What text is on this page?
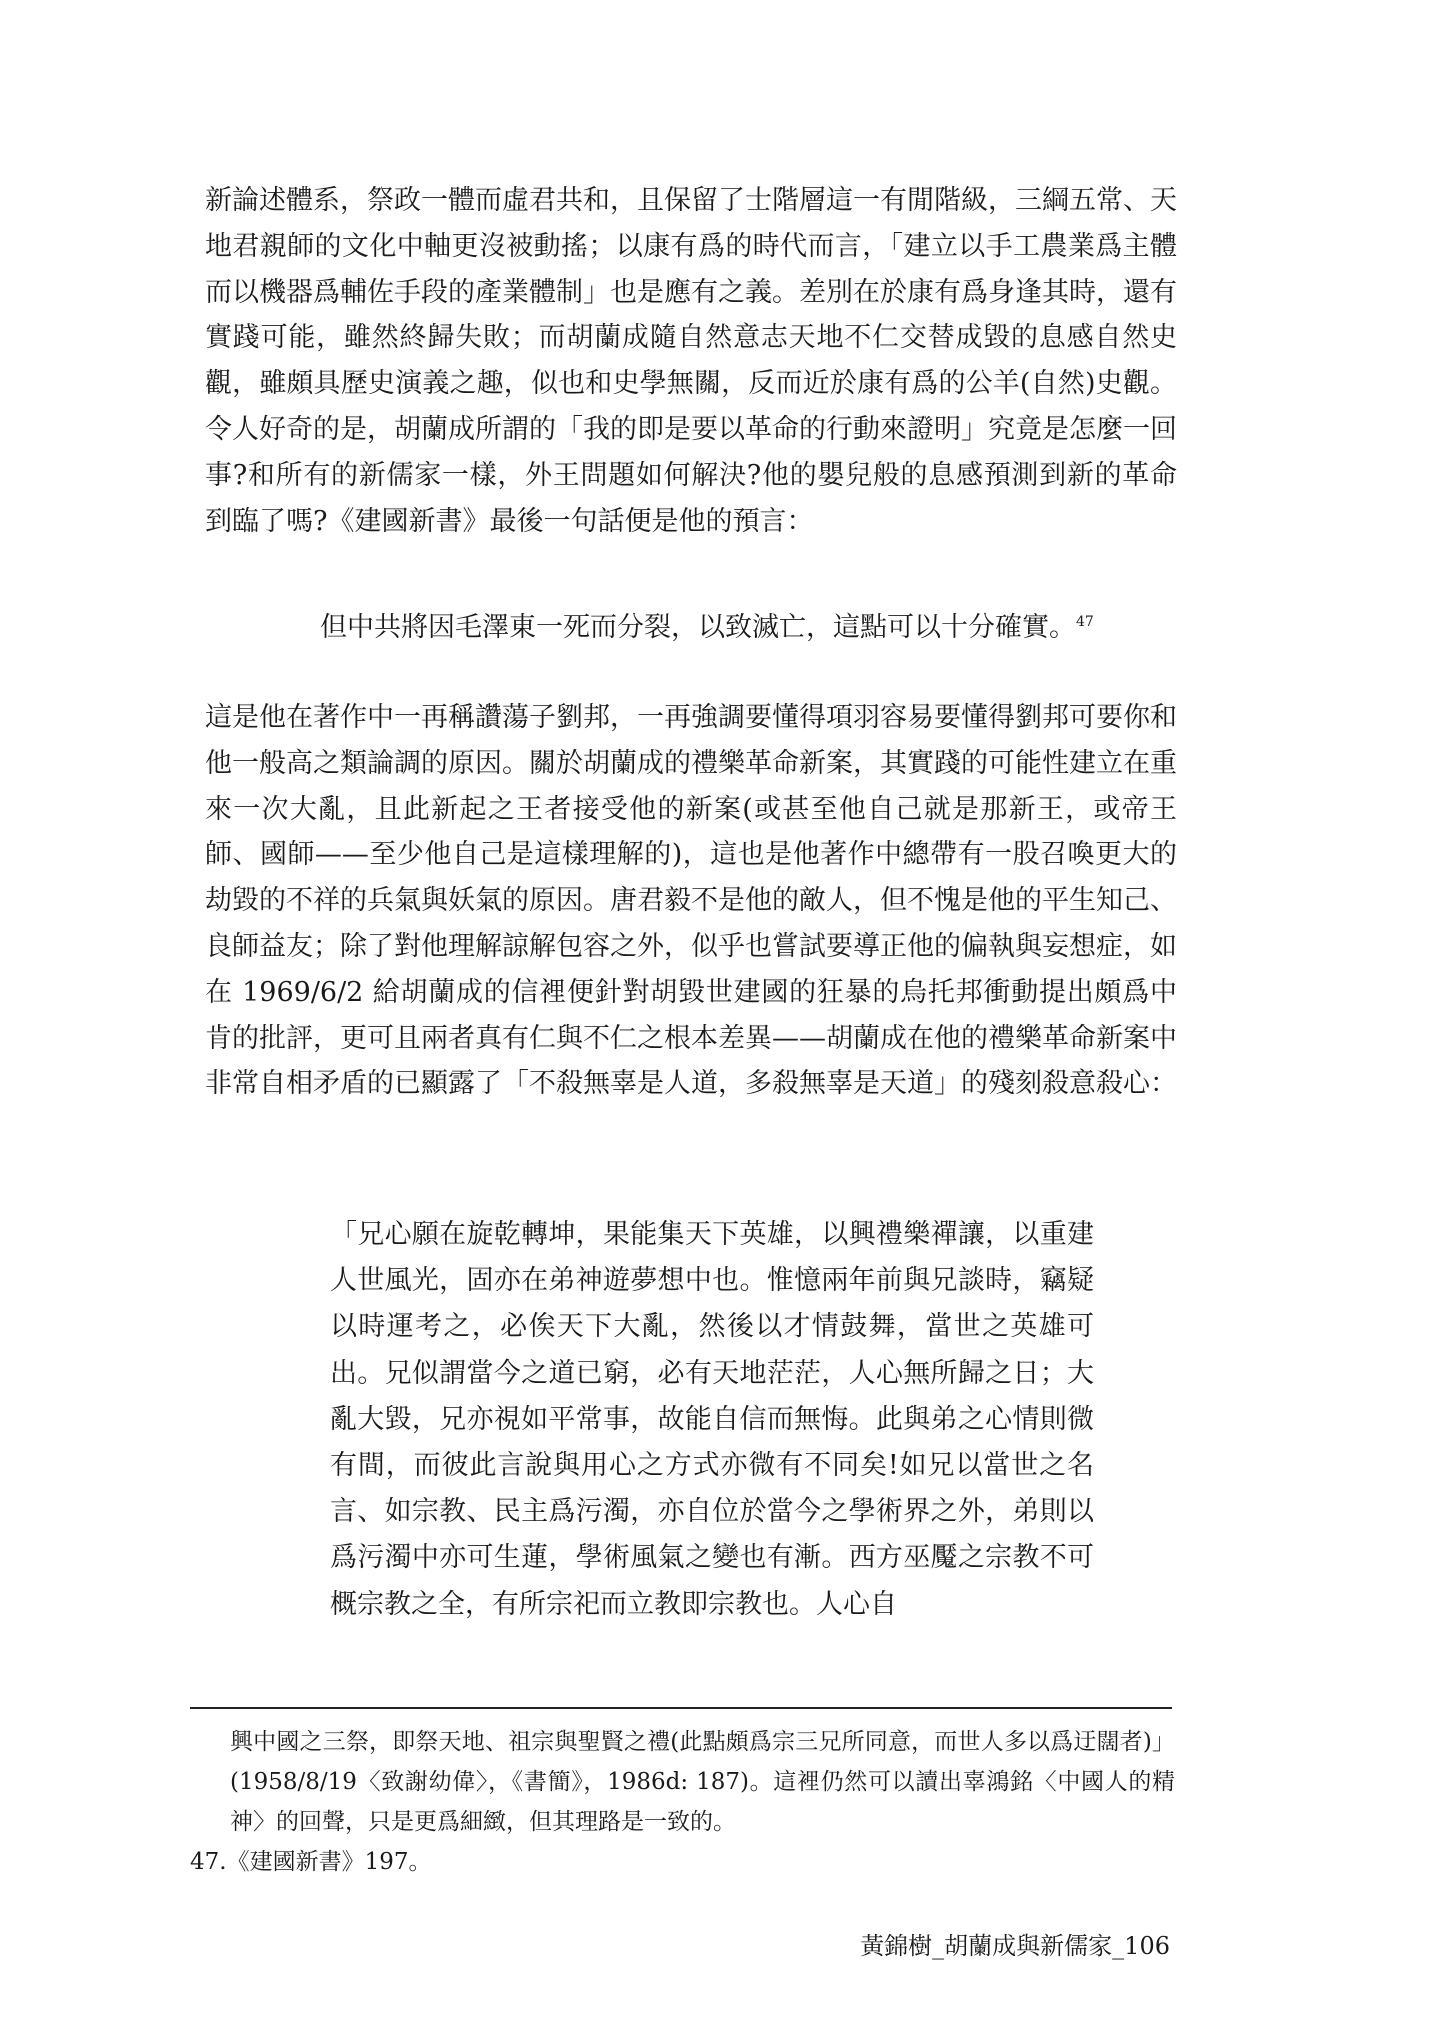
新論述體系，祭政一體而虛君共和，且保留了士階層這一有閒階級，三綱五常、天地君親師的文化中軸更沒被動搖；以康有爲的時代而言，「建立以手工農業爲主體而以機器爲輔佐手段的產業體制」也是應有之義。差別在於康有爲身逢其時，還有實踐可能，雖然終歸失敗；而胡蘭成隨自然意志天地不仁交替成毀的息感自然史觀，雖頗具歷史演義之趣，似也和史學無關，反而近於康有爲的公羊(自然)史觀。令人好奇的是，胡蘭成所謂的「我的即是要以革命的行動來證明」究竟是怎麼一回事?和所有的新儒家一樣，外王問題如何解決?他的嬰兒般的息感預測到新的革命到臨了嗎?《建國新書》最後一句話便是他的預言：

但中共將因毛澤東一死而分裂，以致滅亡，這點可以十分確實。$^{47}$

這是他在著作中一再稱讚蕩子劉邦，一再強調要懂得項羽容易要懂得劉邦可要你和他一般高之類論調的原因。關於胡蘭成的禮樂革命新案，其實踐的可能性建立在重來一次大亂，且此新起之王者接受他的新案(或甚至他自己就是那新王，或帝王師、國師——至少他自己是這樣理解的)，這也是他著作中總帶有一股召喚更大的劫毀的不祥的兵氣與妖氣的原因。唐君毅不是他的敵人，但不愧是他的平生知己、良師益友；除了對他理解諒解包容之外，似乎也嘗試要導正他的偏執與妄想症，如在 1969/6/2 給胡蘭成的信裡便針對胡毀世建國的狂暴的烏托邦衝動提出頗爲中肯的批評，更可且兩者真有仁與不仁之根本差異——胡蘭成在他的禮樂革命新案中非常自相矛盾的已顯露了「不殺無辜是人道，多殺無辜是天道」的殘刻殺意殺心：

「兄心願在旋乾轉坤，果能集天下英雄，以興禮樂禪讓，以重建人世風光，固亦在弟神遊夢想中也。惟憶兩年前與兄談時，竊疑以時運考之，必俟天下大亂，然後以才情鼓舞，當世之英雄可出。兄似謂當今之道已窮，必有天地茫茫，人心無所歸之日；大亂大毀，兄亦視如平常事，故能自信而無悔。此與弟之心情則微有間，而彼此言說與用心之方式亦微有不同矣!如兄以當世之名言、如宗教、民主爲污濁，亦自位於當今之學術界之外，弟則以爲污濁中亦可生蓮，學術風氣之變也有漸。西方巫魘之宗教不可概宗教之全，有所宗祀而立教即宗教也。人心自

興中國之三祭，即祭天地、祖宗與聖賢之禮(此點頗爲宗三兄所同意，而世人多以爲迂闊者)」(1958/8/19〈致謝幼偉〉，《書簡》，1986d: 187)。這裡仍然可以讀出辜鴻銘〈中國人的精神〉的回聲，只是更爲細緻，但其理路是一致的。

47.《建國新書》197。

黃錦樹_胡蘭成與新儒家_106
